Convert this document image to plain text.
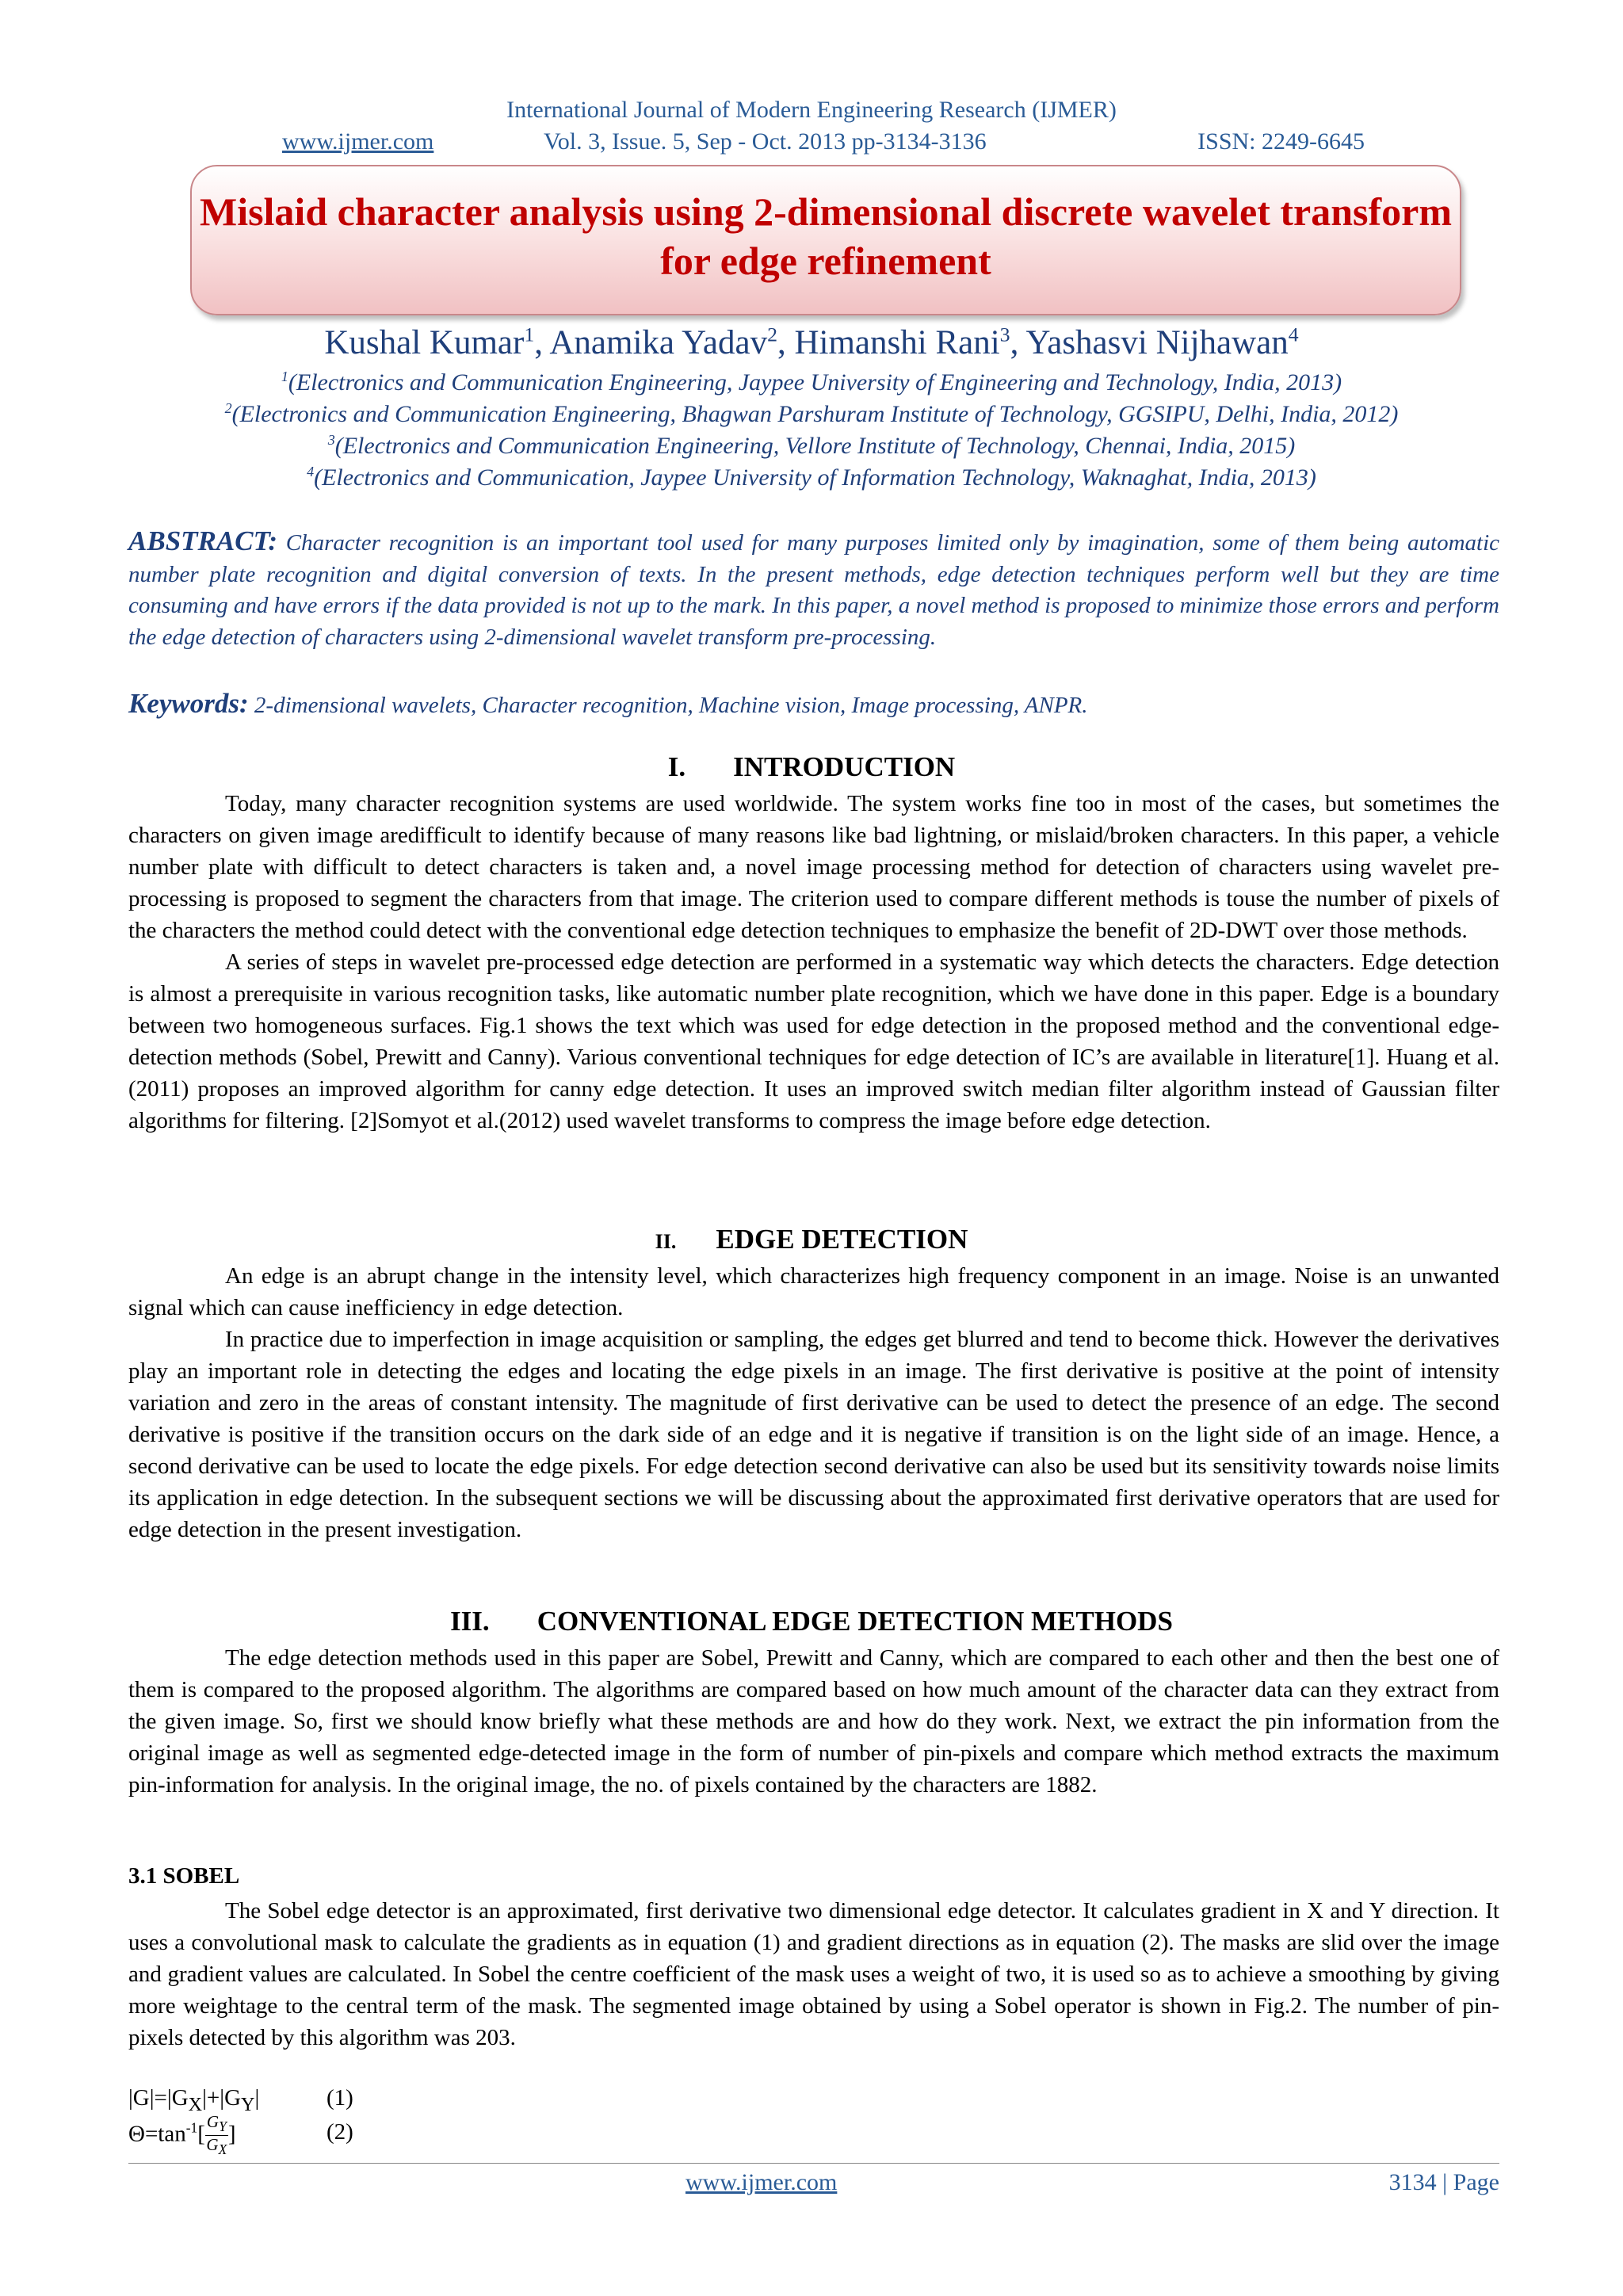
International Journal of Modern Engineering Research (IJMER)
www.ijmer.com	Vol. 3, Issue. 5, Sep - Oct. 2013 pp-3134-3136	ISSN: 2249-6645
Mislaid character analysis using 2-dimensional discrete wavelet transform for edge refinement
Kushal Kumar$^1$, Anamika Yadav$^2$, Himanshi Rani$^3$, Yashasvi Nijhawan$^4$
$^1$(Electronics and Communication Engineering, Jaypee University of Engineering and Technology, India, 2013)
$^2$(Electronics and Communication Engineering, Bhagwan Parshuram Institute of Technology, GGSIPU, Delhi, India, 2012)
$^3$(Electronics and Communication Engineering, Vellore Institute of Technology, Chennai, India, 2015)
$^4$(Electronics and Communication, Jaypee University of Information Technology, Waknaghat, India, 2013)
ABSTRACT: Character recognition is an important tool used for many purposes limited only by imagination, some of them being automatic number plate recognition and digital conversion of texts. In the present methods, edge detection techniques perform well but they are time consuming and have errors if the data provided is not up to the mark. In this paper, a novel method is proposed to minimize those errors and perform the edge detection of characters using 2-dimensional wavelet transform pre-processing.
Keywords: 2-dimensional wavelets, Character recognition, Machine vision, Image processing, ANPR.
I. INTRODUCTION

Today, many character recognition systems are used worldwide. The system works fine too in most of the cases, but sometimes the characters on given image aredifficult to identify because of many reasons like bad lightning, or mislaid/broken characters. In this paper, a vehicle number plate with difficult to detect characters is taken and, a novel image processing method for detection of characters using wavelet pre-processing is proposed to segment the characters from that image. The criterion used to compare different methods is touse the number of pixels of the characters the method could detect with the conventional edge detection techniques to emphasize the benefit of 2D-DWT over those methods.

A series of steps in wavelet pre-processed edge detection are performed in a systematic way which detects the characters. Edge detection is almost a prerequisite in various recognition tasks, like automatic number plate recognition, which we have done in this paper. Edge is a boundary between two homogeneous surfaces. Fig.1 shows the text which was used for edge detection in the proposed method and the conventional edge-detection methods (Sobel, Prewitt and Canny). Various conventional techniques for edge detection of IC’s are available in literature[1]. Huang et al. (2011) proposes an improved algorithm for canny edge detection. It uses an improved switch median filter algorithm instead of Gaussian filter algorithms for filtering. [2]Somyot et al.(2012) used wavelet transforms to compress the image before edge detection.

II. EDGE DETECTION

An edge is an abrupt change in the intensity level, which characterizes high frequency component in an image. Noise is an unwanted signal which can cause inefficiency in edge detection.

In practice due to imperfection in image acquisition or sampling, the edges get blurred and tend to become thick. However the derivatives play an important role in detecting the edges and locating the edge pixels in an image. The first derivative is positive at the point of intensity variation and zero in the areas of constant intensity. The magnitude of first derivative can be used to detect the presence of an edge. The second derivative is positive if the transition occurs on the dark side of an edge and it is negative if transition is on the light side of an image. Hence, a second derivative can be used to locate the edge pixels. For edge detection second derivative can also be used but its sensitivity towards noise limits its application in edge detection. In the subsequent sections we will be discussing about the approximated first derivative operators that are used for edge detection in the present investigation.

III. CONVENTIONAL EDGE DETECTION METHODS

The edge detection methods used in this paper are Sobel, Prewitt and Canny, which are compared to each other and then the best one of them is compared to the proposed algorithm. The algorithms are compared based on how much amount of the character data can they extract from the given image. So, first we should know briefly what these methods are and how do they work. Next, we extract the pin information from the original image as well as segmented edge-detected image in the form of number of pin-pixels and compare which method extracts the maximum pin-information for analysis. In the original image, the no. of pixels contained by the characters are 1882.

3.1 SOBEL

The Sobel edge detector is an approximated, first derivative two dimensional edge detector. It calculates gradient in X and Y direction. It uses a convolutional mask to calculate the gradients as in equation (1) and gradient directions as in equation (2). The masks are slid over the image and gradient values are calculated. In Sobel the centre coefficient of the mask uses a weight of two, it is used so as to achieve a smoothing by giving more weightage to the central term of the mask. The segmented image obtained by using a Sobel operator is shown in Fig.2. The number of pin-pixels detected by this algorithm was 203.

$|G|=|G_X|+|G_Y|$	(1)
$\Theta=\tan^{-1}[ \frac{G_Y}{G_X}]$	(2)
www.ijmer.com	3134 | Page
